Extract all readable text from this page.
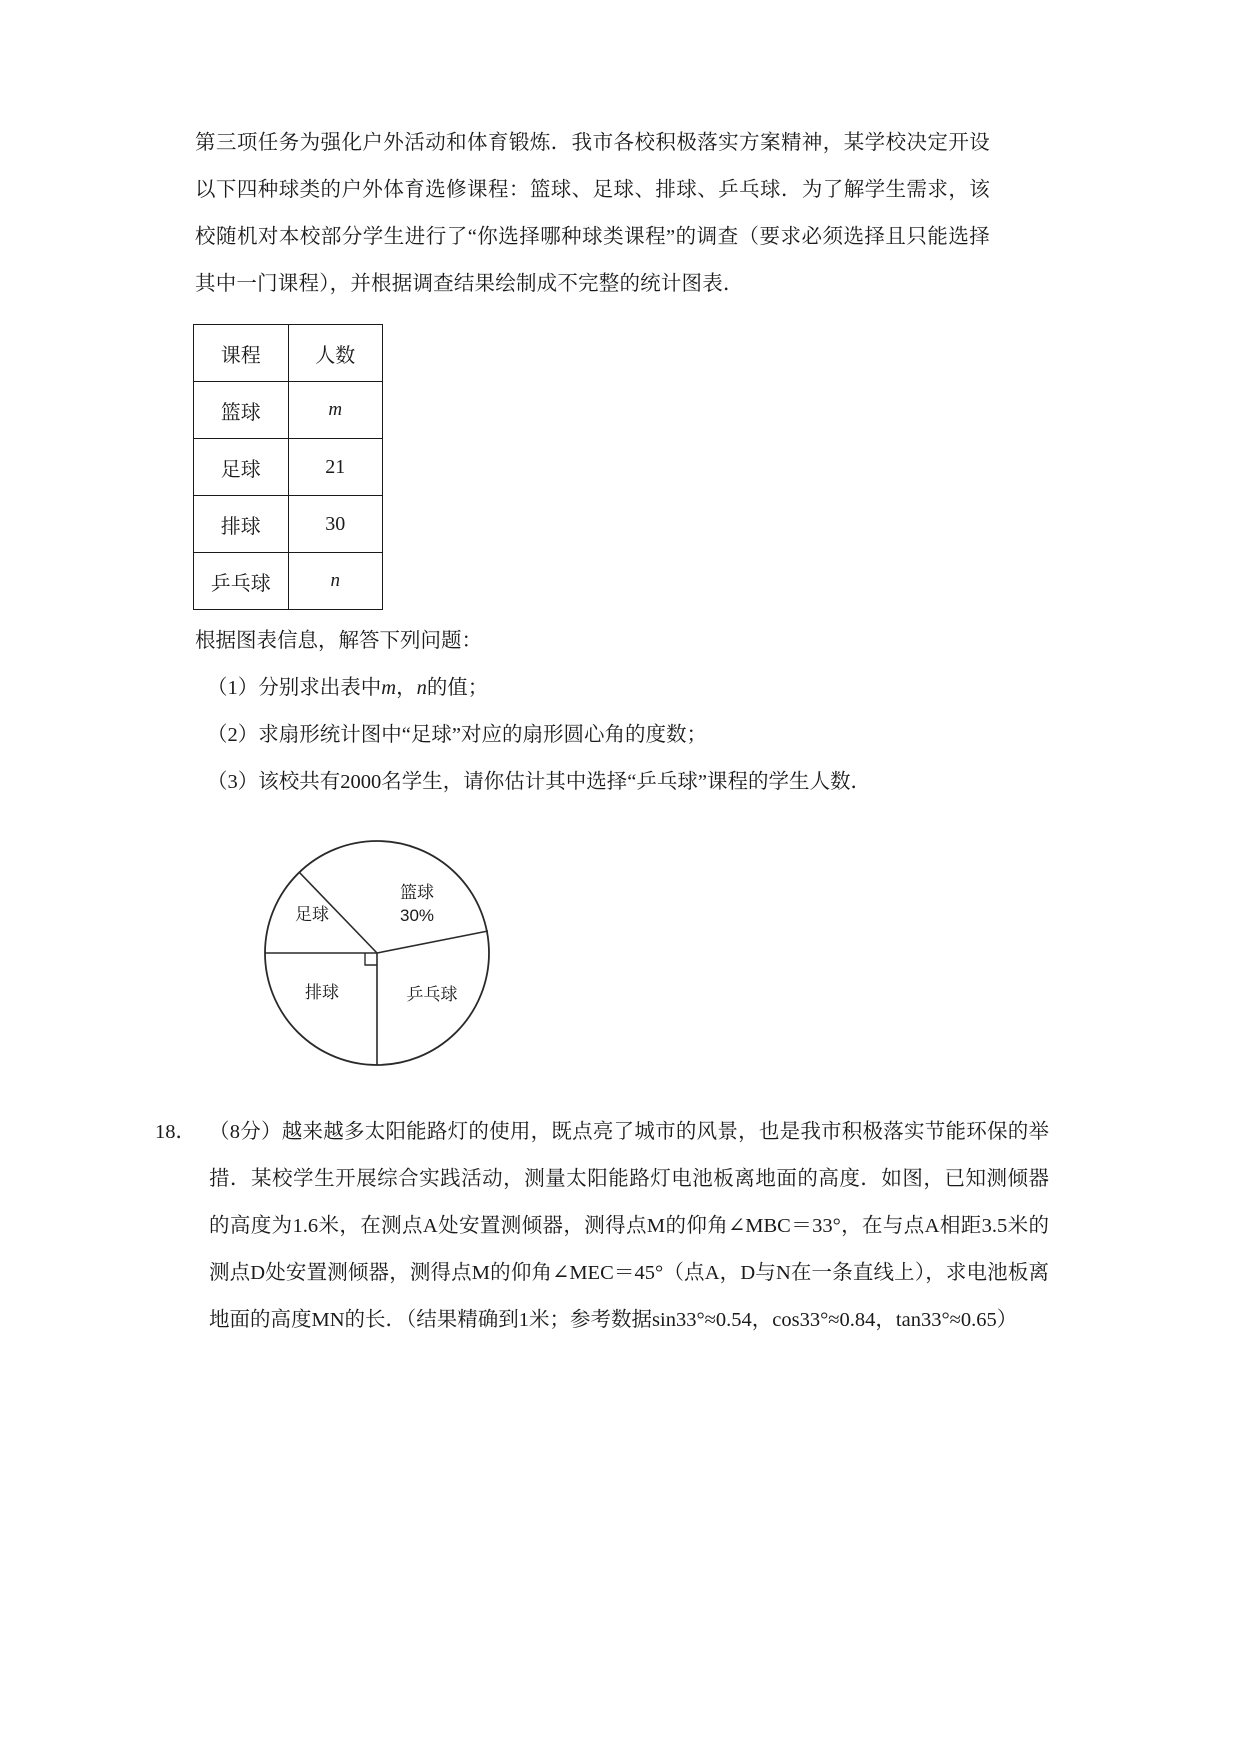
第三项任务为强化户外活动和体育锻炼．我市各校积极落实方案精神，某学校决定开设以下四种球类的户外体育选修课程：篮球、足球、排球、乒乓球．为了解学生需求，该校随机对本校部分学生进行了“你选择哪种球类课程”的调查（要求必须选择且只能选择其中一门课程），并根据调查结果绘制成不完整的统计图表．
课程	人数
篮球	m
足球	21
排球	30
乒乓球	n
根据图表信息，解答下列问题：
（1）分别求出表中m，n的值；
（2）求扇形统计图中“足球”对应的扇形圆心角的度数；
（3）该校共有2000名学生，请你估计其中选择“乒乓球”课程的学生人数．
篮球
30%
足球
排球	乒乓球
18． （8分）越来越多太阳能路灯的使用，既点亮了城市的风景，也是我市积极落实节能环保的举措．某校学生开展综合实践活动，测量太阳能路灯电池板离地面的高度．如图，已知测倾器的高度为1.6米，在测点A处安置测倾器，测得点M的仰角∠MBC＝33°，在与点A相距3.5米的测点D处安置测倾器，测得点M的仰角∠MEC＝45°（点A，D与N在一条直线上），求电池板离地面的高度MN的长．（结果精确到1米；参考数据sin33°≈0.54，cos33°≈0.84，tan33°≈0.65）
